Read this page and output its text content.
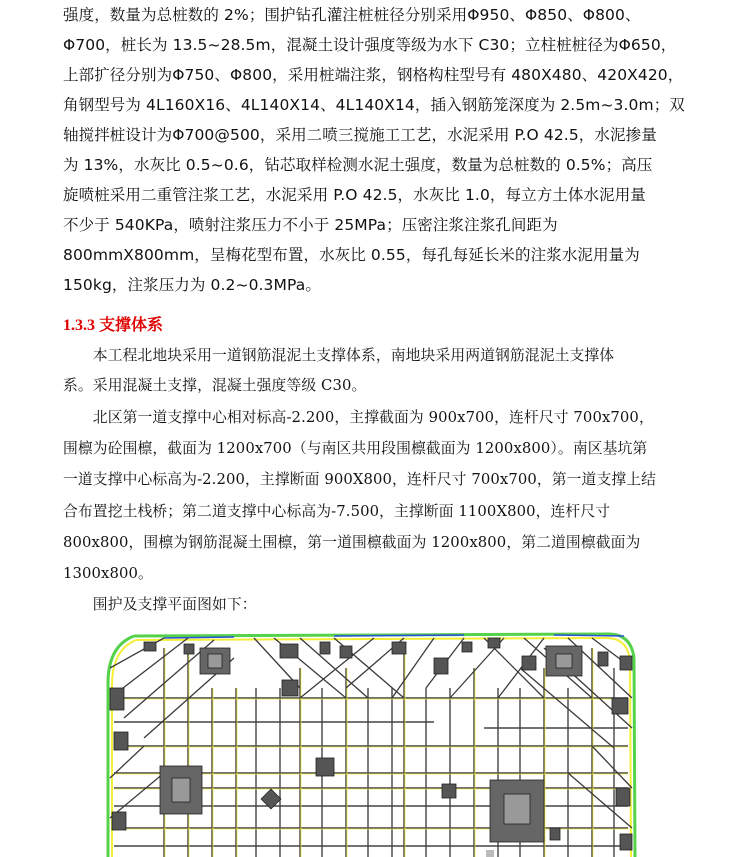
强度，数量为总桩数的 2%；围护钻孔灌注桩桩径分别采用Φ950、Φ850、Φ800、
Φ700，桩长为 13.5~28.5m，混凝土设计强度等级为水下 C30；立柱桩桩径为Φ650，
上部扩径分别为Φ750、Φ800，采用桩端注浆，钢格构柱型号有 480X480、420X420，
角钢型号为 4L160X16、4L140X14、4L140X14，插入钢筋笼深度为 2.5m~3.0m；双
轴搅拌桩设计为Φ700@500，采用二喷三搅施工工艺，水泥采用 P.O 42.5，水泥掺量
为 13%，水灰比 0.5~0.6，钻芯取样检测水泥土强度，数量为总桩数的 0.5%；高压
旋喷桩采用二重管注浆工艺，水泥采用 P.O 42.5，水灰比 1.0，每立方土体水泥用量
不少于 540KPa，喷射注浆压力不小于 25MPa；压密注浆注浆孔间距为
800mmX800mm，呈梅花型布置，水灰比 0.55，每孔每延长米的注浆水泥用量为
150kg，注浆压力为 0.2~0.3MPa。
1.3.3 支撑体系
　　本工程北地块采用一道钢筋混泥土支撑体系，南地块采用两道钢筋混泥土支撑体
系。采用混凝土支撑，混凝土强度等级 C30。
　　北区第一道支撑中心相对标高-2.200，主撑截面为 900x700，连杆尺寸 700x700，
围檩为砼围檩，截面为 1200x700（与南区共用段围檩截面为 1200x800）。南区基坑第
一道支撑中心标高为-2.200，主撑断面 900X800，连杆尺寸 700x700，第一道支撑上结
合布置挖土栈桥；第二道支撑中心标高为-7.500，主撑断面 1100X800，连杆尺寸
800x800，围檩为钢筋混凝土围檩，第一道围檩截面为 1200x800，第二道围檩截面为
1300x800。
　　围护及支撑平面图如下：
